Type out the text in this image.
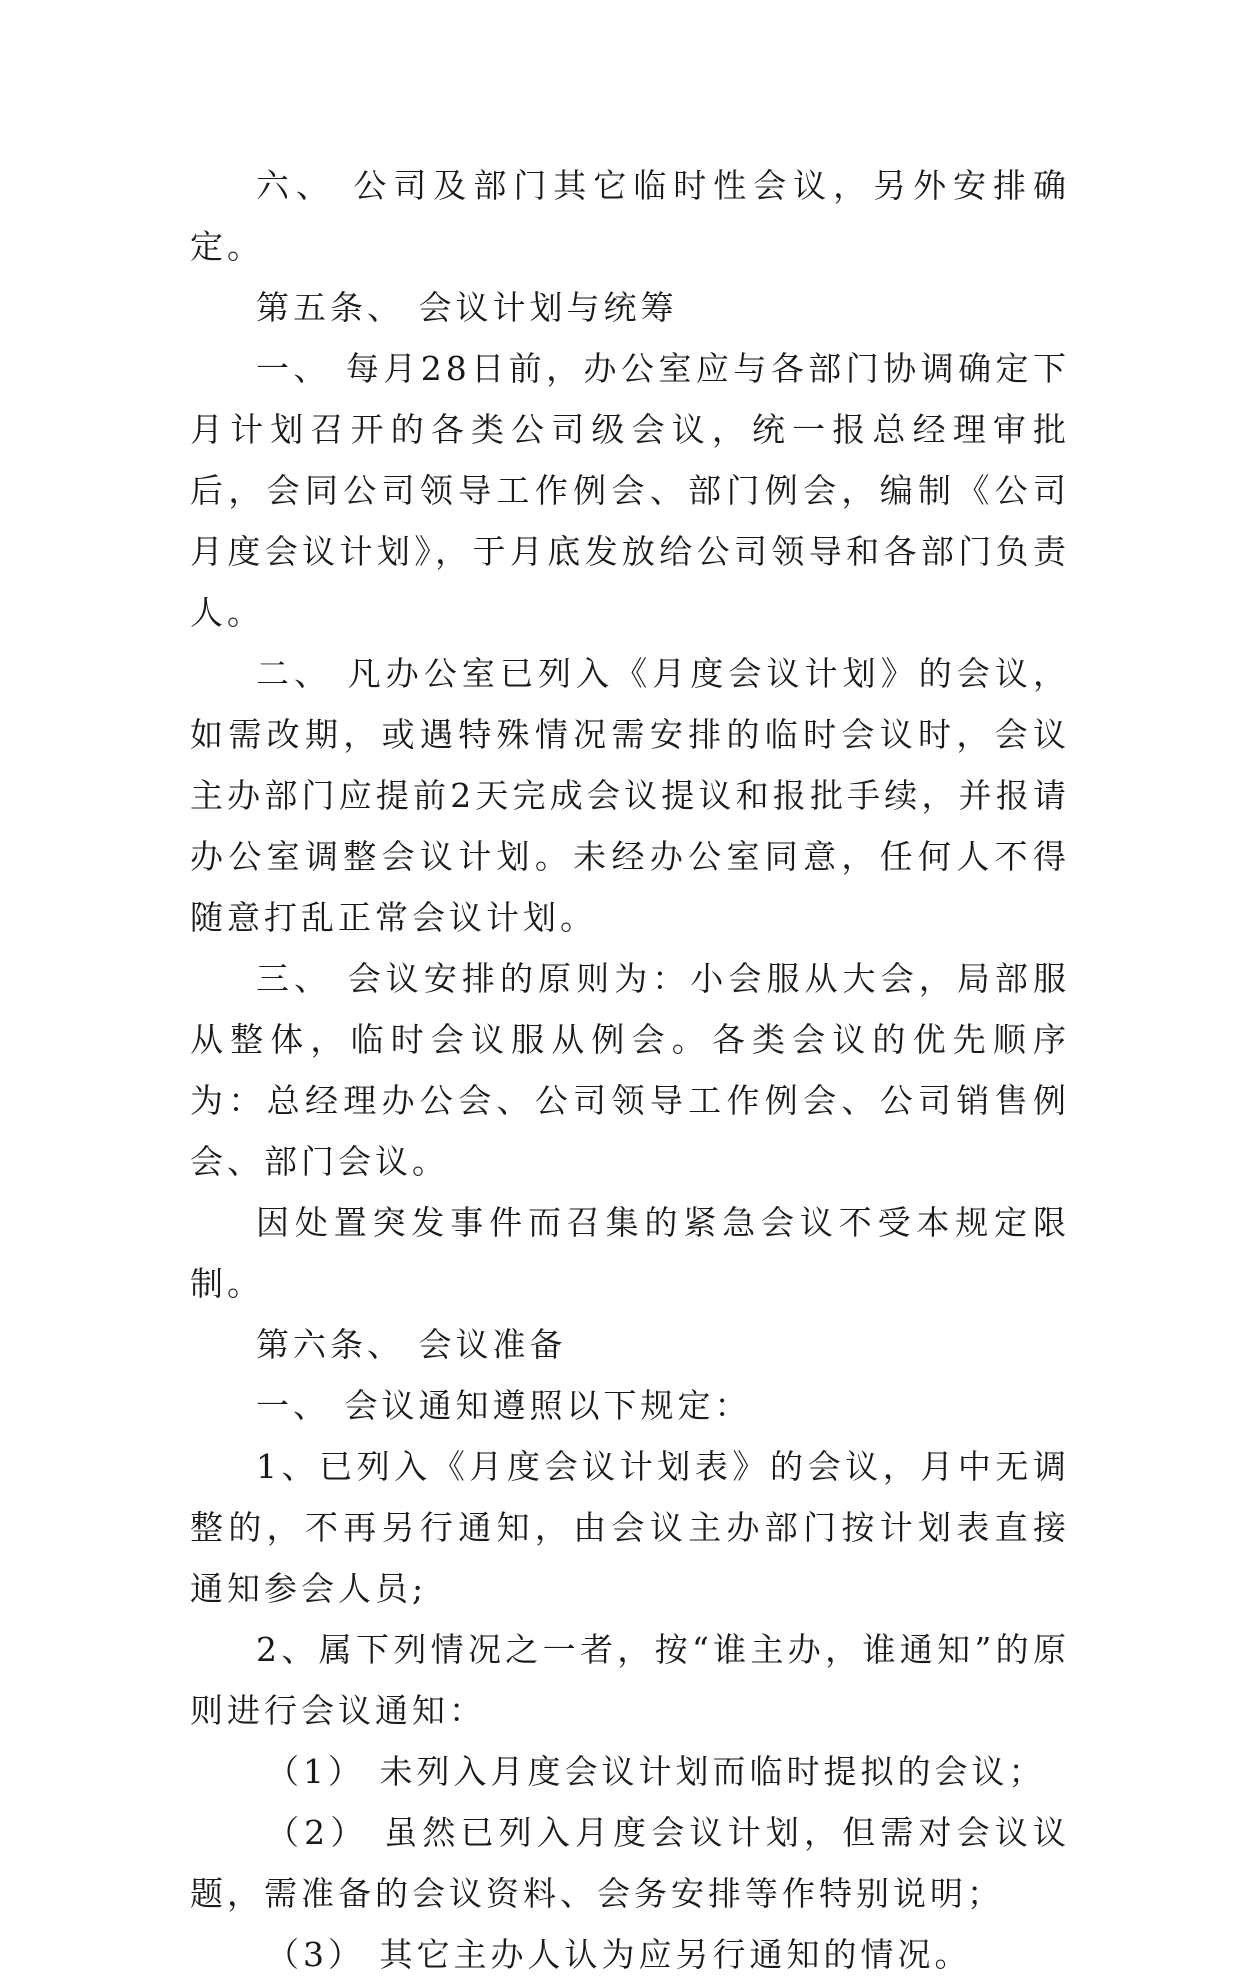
六、 公司及部门其它临时性会议，另外安排确定。

第五条、 会议计划与统筹

一、 每月28日前，办公室应与各部门协调确定下月计划召开的各类公司级会议，统一报总经理审批后，会同公司领导工作例会、部门例会，编制《公司月度会议计划》，于月底发放给公司领导和各部门负责人。

二、 凡办公室已列入《月度会议计划》的会议，如需改期，或遇特殊情况需安排的临时会议时，会议主办部门应提前2天完成会议提议和报批手续，并报请办公室调整会议计划。未经办公室同意，任何人不得随意打乱正常会议计划。

三、 会议安排的原则为：小会服从大会，局部服从整体，临时会议服从例会。各类会议的优先顺序为：总经理办公会、公司领导工作例会、公司销售例会、部门会议。

因处置突发事件而召集的紧急会议不受本规定限制。

第六条、 会议准备

一、 会议通知遵照以下规定：

1、已列入《月度会议计划表》的会议，月中无调整的，不再另行通知，由会议主办部门按计划表直接通知参会人员;

2、属下列情况之一者，按“谁主办，谁通知”的原则进行会议通知：

（1） 未列入月度会议计划而临时提拟的会议；

（2） 虽然已列入月度会议计划，但需对会议议题，需准备的会议资料、会务安排等作特别说明；

（3） 其它主办人认为应另行通知的情况。
